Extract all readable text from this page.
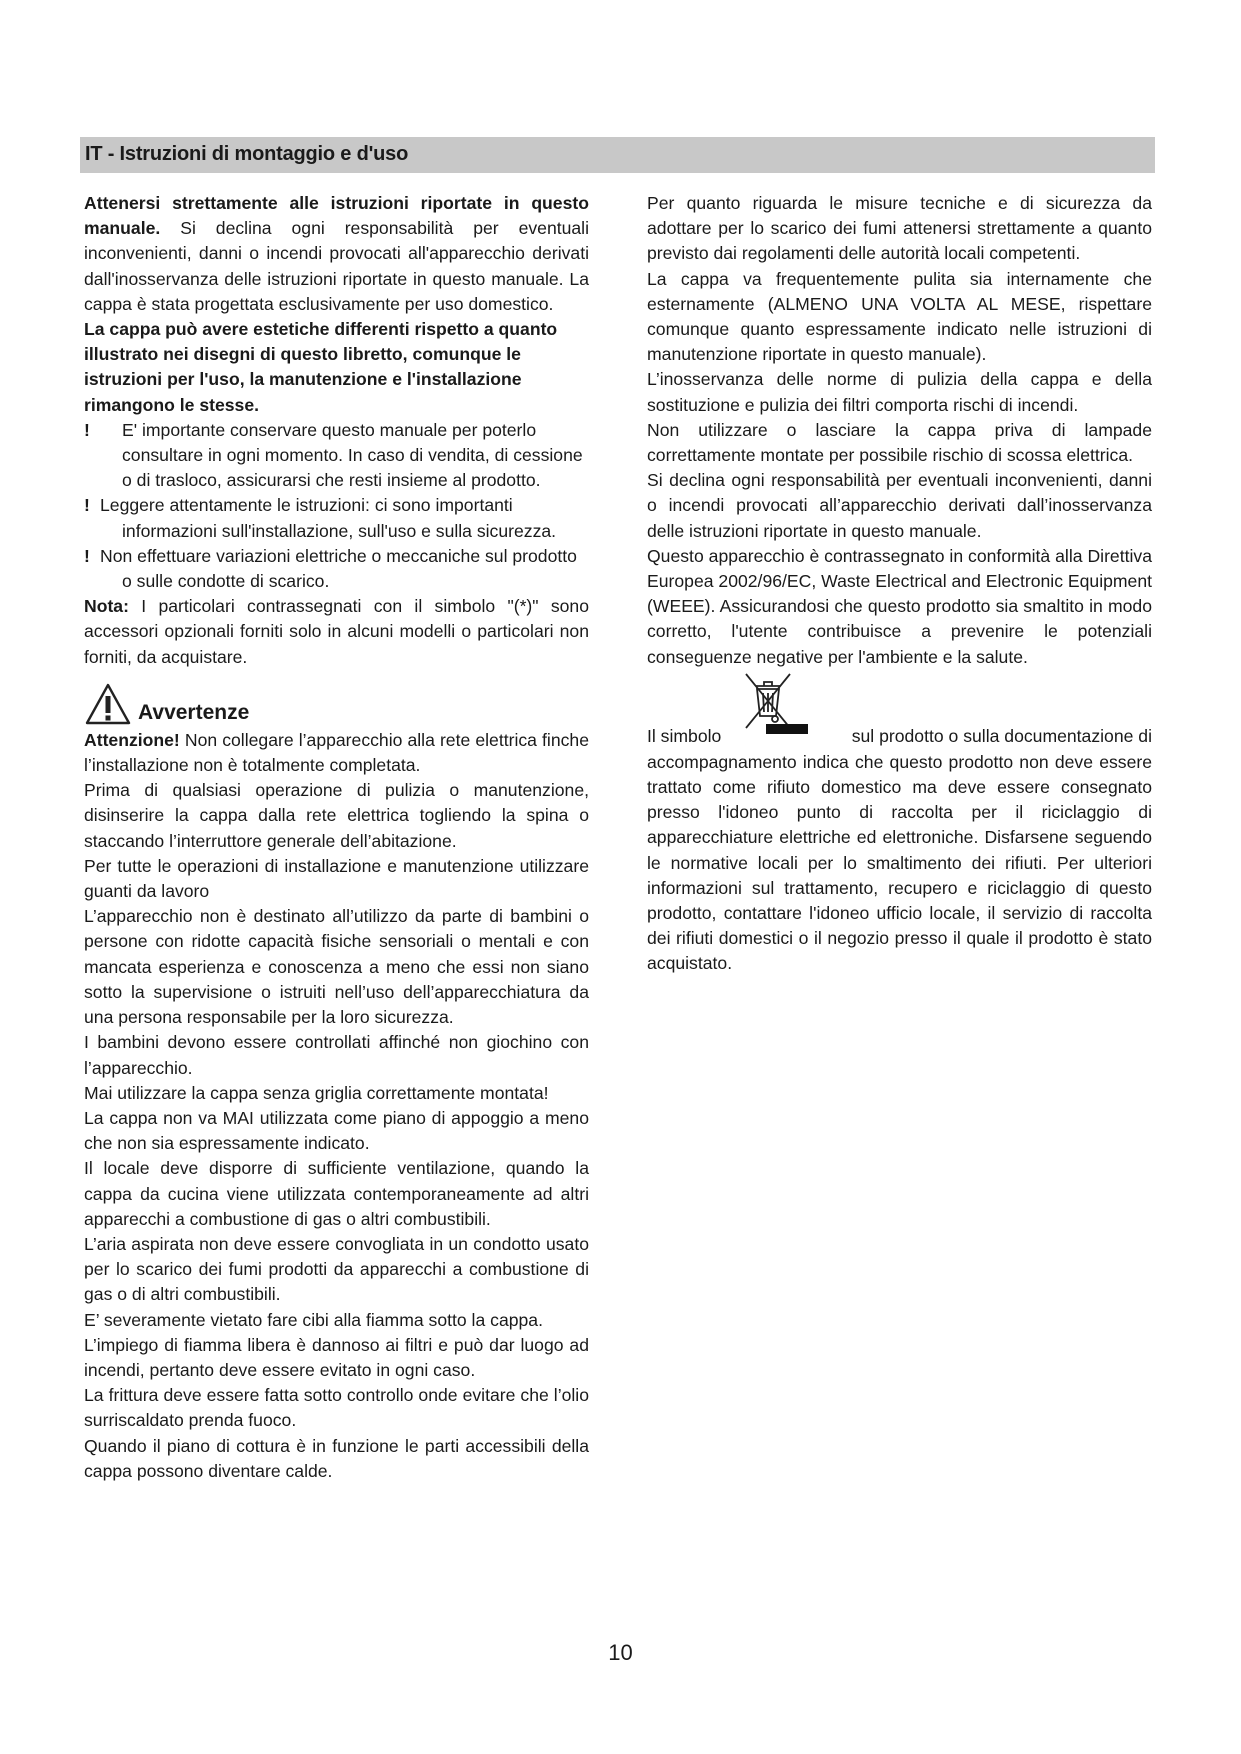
IT - Istruzioni di montaggio e d'uso

Attenersi strettamente alle istruzioni riportate in questo manuale. Si declina ogni responsabilità per eventuali inconvenienti, danni o incendi provocati all'apparecchio derivati dall'inosservanza delle istruzioni riportate in questo manuale. La cappa è stata progettata esclusivamente per uso domestico.

La cappa può avere estetiche differenti rispetto a quanto illustrato nei disegni di questo libretto, comunque le istruzioni per l'uso, la manutenzione e l'installazione rimangono le stesse.

!	E' importante conservare questo manuale per poterlo consultare in ogni momento. In caso di vendita, di cessione o di trasloco, assicurarsi che resti insieme al prodotto.

! Leggere attentamente le istruzioni: ci sono importanti informazioni sull'installazione, sull'uso e sulla sicurezza.

! Non effettuare variazioni elettriche o meccaniche sul prodotto o sulle condotte di scarico.

Nota: I particolari contrassegnati con il simbolo "(*)" sono accessori opzionali forniti solo in alcuni modelli o particolari non forniti, da acquistare.

Avvertenze

Attenzione! Non collegare l’apparecchio alla rete elettrica finche l’installazione non è totalmente completata.

Prima di qualsiasi operazione di pulizia o manutenzione, disinserire la cappa dalla rete elettrica togliendo la spina o staccando l’interruttore generale dell’abitazione.

Per tutte le operazioni di installazione e manutenzione utilizzare guanti da lavoro

L’apparecchio non è destinato all’utilizzo da parte di bambini o persone con ridotte capacità fisiche sensoriali o mentali e con mancata esperienza e conoscenza a meno che essi non siano sotto la supervisione o istruiti nell’uso dell’apparecchiatura da una persona responsabile per la loro sicurezza.

I bambini devono essere controllati affinché non giochino con l’apparecchio.

Mai utilizzare la cappa senza griglia correttamente montata!

La cappa non va MAI utilizzata come piano di appoggio a meno che non sia espressamente indicato.

Il locale deve disporre di sufficiente ventilazione, quando la cappa da cucina viene utilizzata contemporaneamente ad altri apparecchi a combustione di gas o altri combustibili.

L’aria aspirata non deve essere convogliata in un condotto usato per lo scarico dei fumi prodotti da apparecchi a combustione di gas o di altri combustibili.

E’ severamente vietato fare cibi alla fiamma sotto la cappa.

L’impiego di fiamma libera è dannoso ai filtri e può dar luogo ad incendi, pertanto deve essere evitato in ogni caso.

La frittura deve essere fatta sotto controllo onde evitare che l’olio surriscaldato prenda fuoco.

Quando il piano di cottura è in funzione le parti accessibili della cappa possono diventare calde.

Per quanto riguarda le misure tecniche e di sicurezza da adottare per lo scarico dei fumi attenersi strettamente a quanto previsto dai regolamenti delle autorità locali competenti.

La cappa va frequentemente pulita sia internamente che esternamente (ALMENO UNA VOLTA AL MESE, rispettare comunque quanto espressamente indicato nelle istruzioni di manutenzione riportate in questo manuale).

L’inosservanza delle norme di pulizia della cappa e della sostituzione e pulizia dei filtri comporta rischi di incendi.

Non utilizzare o lasciare la cappa priva di lampade correttamente montate per possibile rischio di scossa elettrica.

Si declina ogni responsabilità per eventuali inconvenienti, danni o incendi provocati all’apparecchio derivati dall’inosservanza delle istruzioni riportate in questo manuale.

Questo apparecchio è contrassegnato in conformità alla Direttiva Europea 2002/96/EC, Waste Electrical and Electronic Equipment (WEEE). Assicurandosi che questo prodotto sia smaltito in modo corretto, l'utente contribuisce a prevenire le potenziali conseguenze negative per l'ambiente e la salute.

Il simbolo	sul prodotto o sulla documentazione di

accompagnamento indica che questo prodotto non deve essere trattato come rifiuto domestico ma deve essere consegnato presso l'idoneo punto di raccolta per il riciclaggio di apparecchiature elettriche ed elettroniche. Disfarsene seguendo le normative locali per lo smaltimento dei rifiuti. Per ulteriori informazioni sul trattamento, recupero e riciclaggio di questo prodotto, contattare l'idoneo ufficio locale, il servizio di raccolta dei rifiuti domestici o il negozio presso il quale il prodotto è stato acquistato.

10
